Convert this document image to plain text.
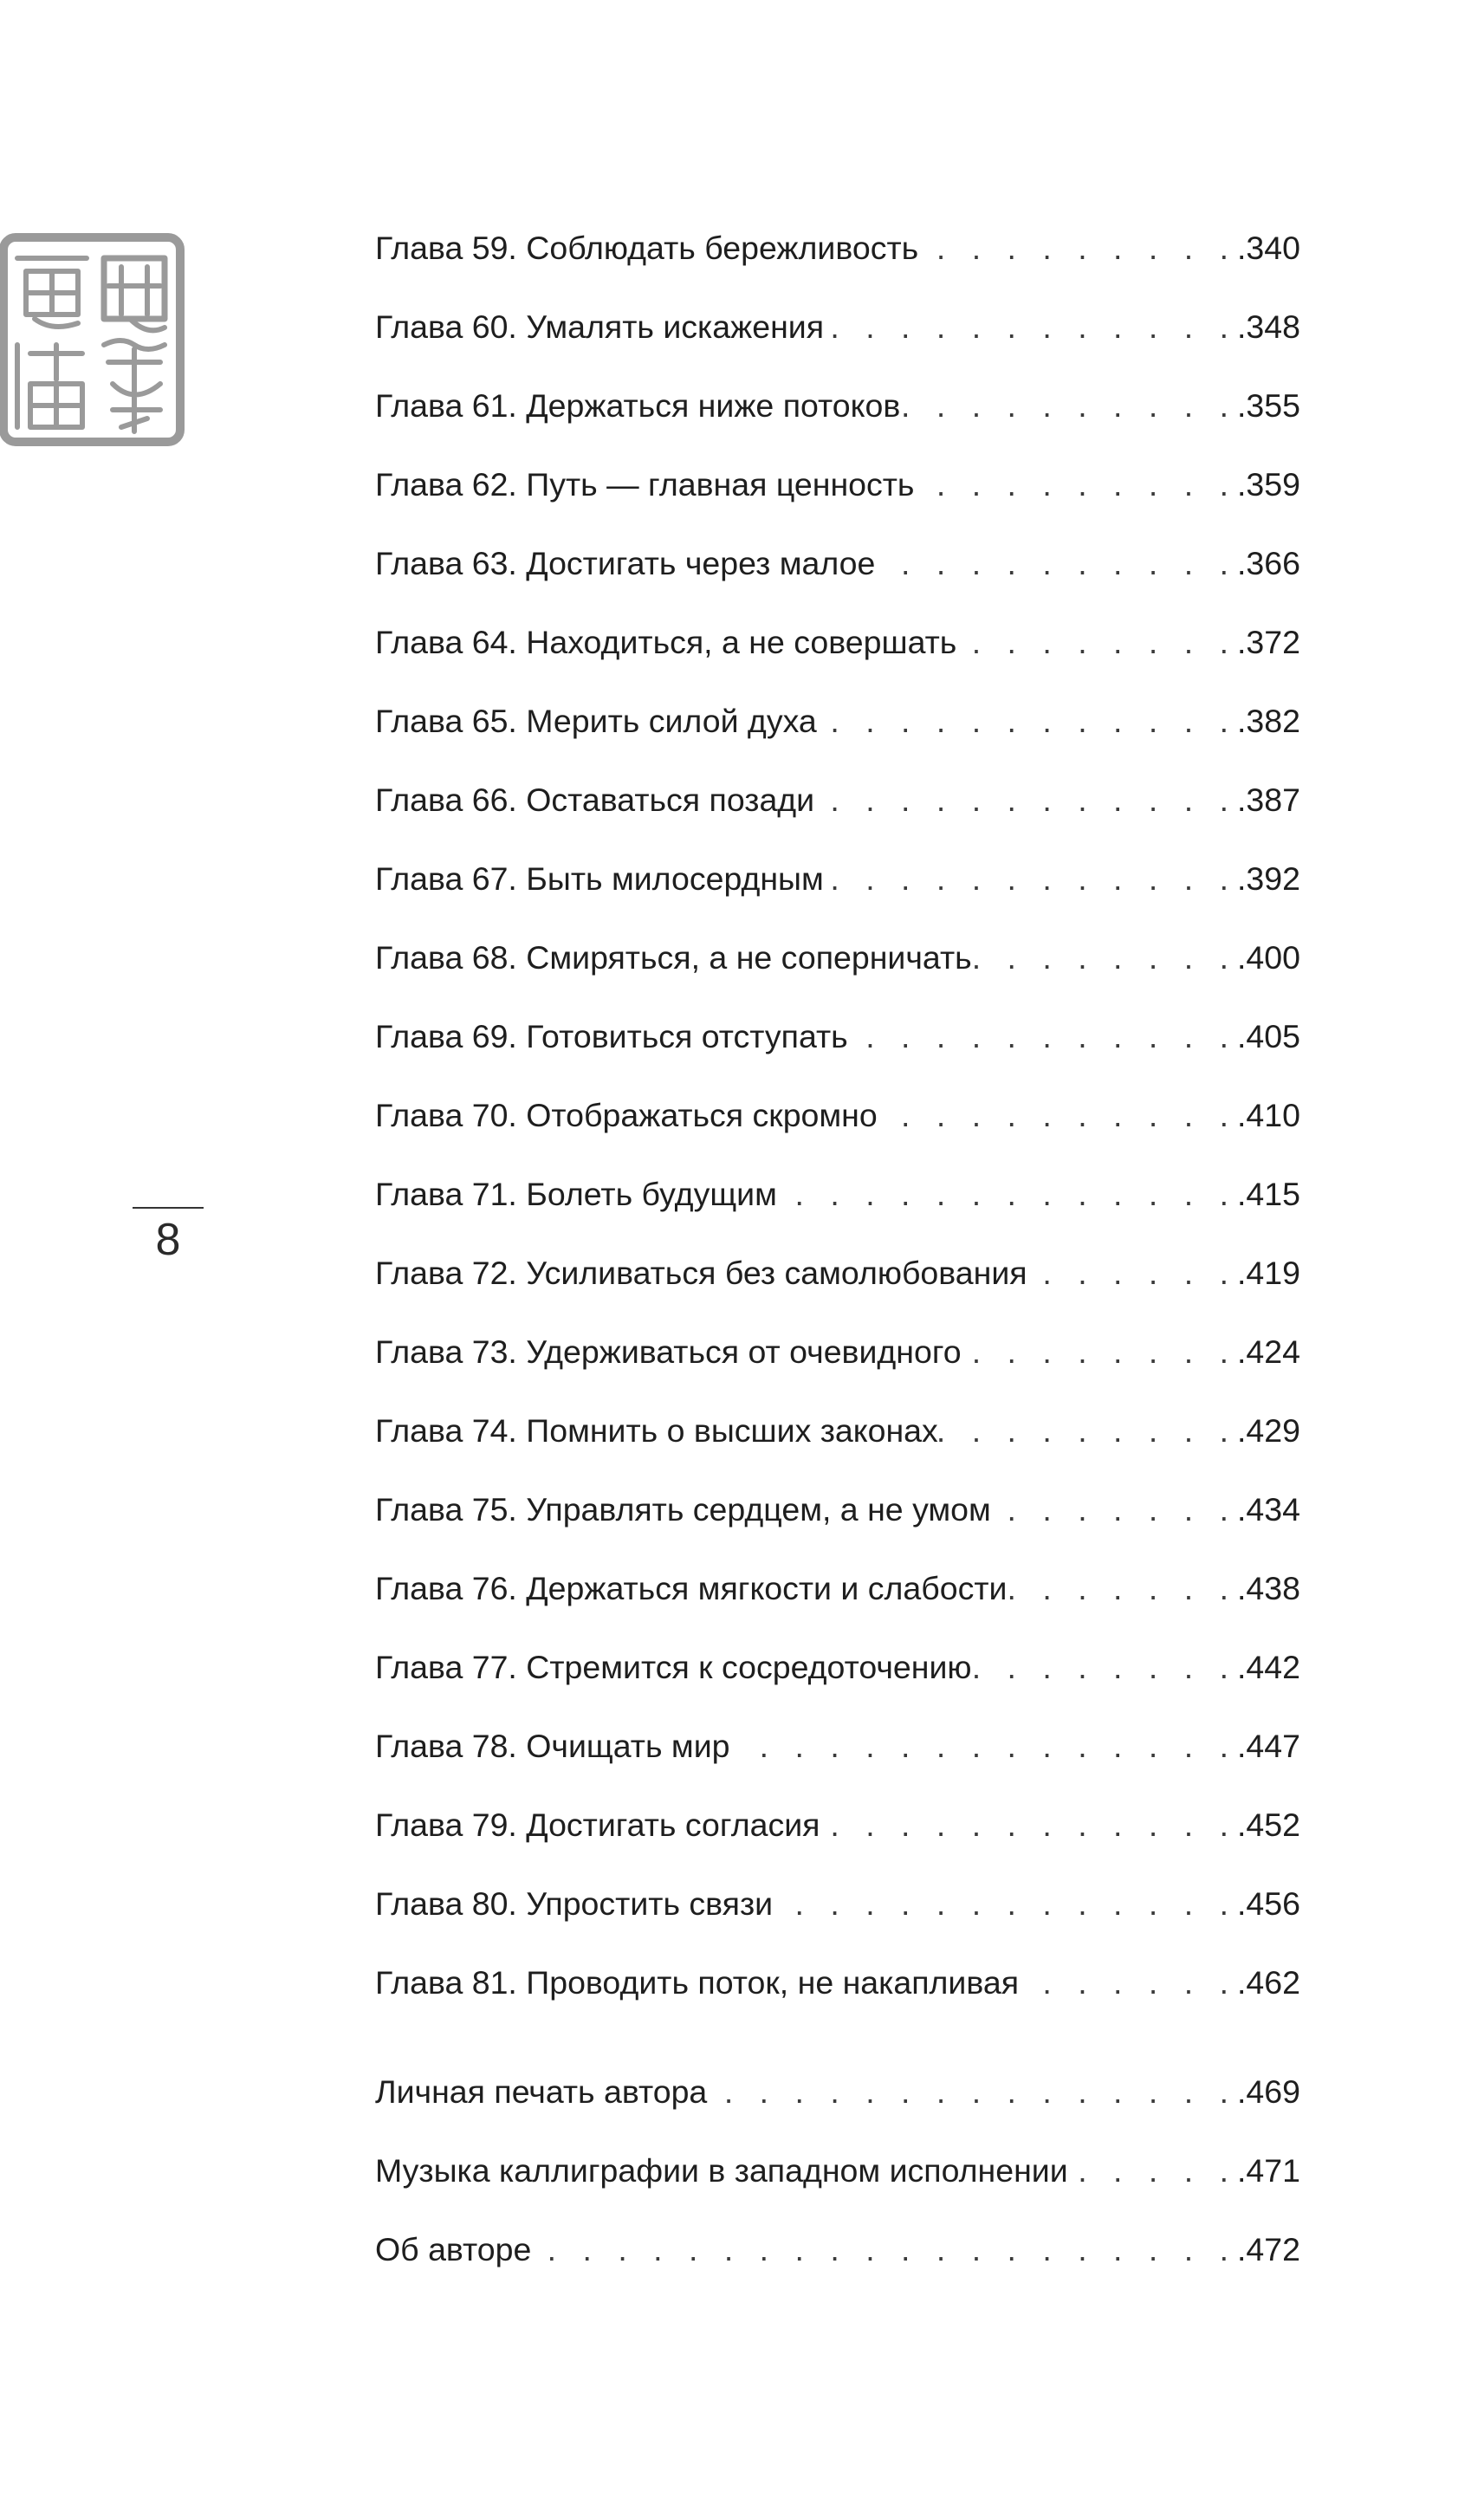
8
Глава 59. Соблюдать бережливость . . .	.340
Глава 60. Умалять искажения . . .	.348
Глава 61. Держаться ниже потоков . . .	.355
Глава 62. Путь — главная ценность . . .	.359
Глава 63. Достигать через малое . . .	.366
Глава 64. Находиться, а не совершать . . .	.372
Глава 65. Мерить силой духа . . .	.382
Глава 66. Оставаться позади . . .	.387
Глава 67. Быть милосердным . . .	.392
Глава 68. Смиряться, а не соперничать . . .	.400
Глава 69. Готовиться отступать . . .	.405
Глава 70. Отображаться скромно . . .	.410
Глава 71. Болеть будущим . . .	.415
Глава 72. Усиливаться без самолюбования . . .	.419
Глава 73. Удерживаться от очевидного . . .	.424
Глава 74. Помнить о высших законах . . .	.429
Глава 75. Управлять сердцем, а не умом . . .	.434
Глава 76. Держаться мягкости и слабости . . .	.438
Глава 77. Стремится к сосредоточению . . .	.442
Глава 78. Очищать мир . . .	.447
Глава 79. Достигать согласия . . .	.452
Глава 80. Упростить связи . . .	.456
Глава 81. Проводить поток, не накапливая . . .	.462
Личная печать автора . . .	.469
Музыка каллиграфии в западном исполнении . . .	.471
Об авторе . . .	.472
